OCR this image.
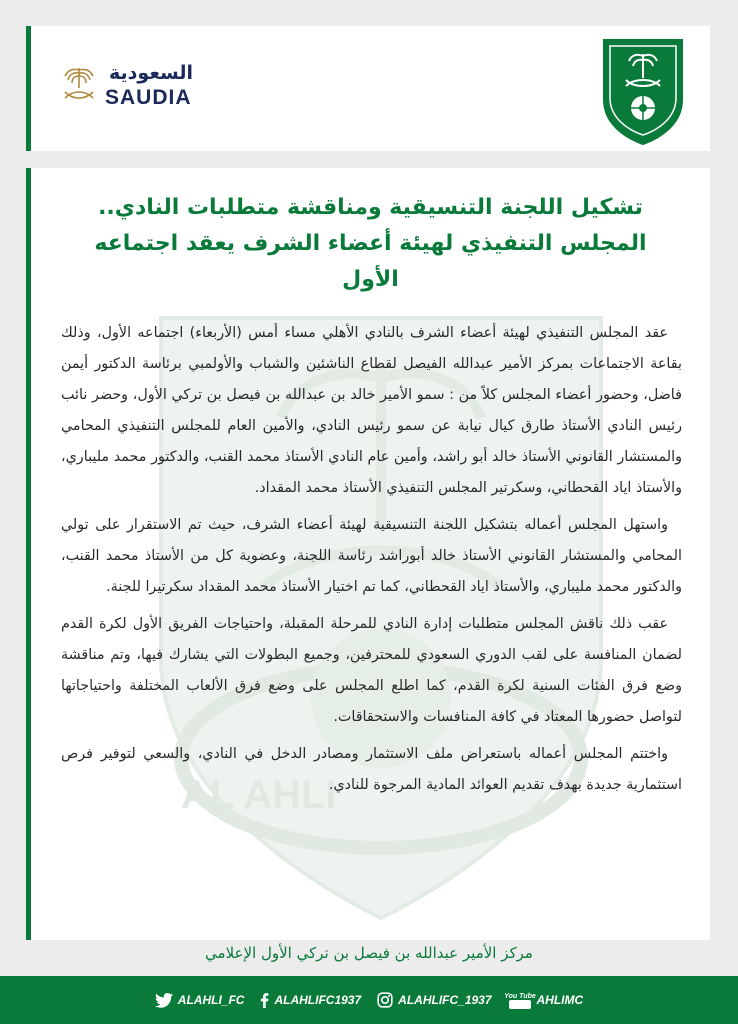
السعودية
SAUDIA
AL AHLI
تشكيل اللجنة التنسيقية ومناقشة متطلبات النادي..
المجلس التنفيذي لهيئة أعضاء الشرف يعقد اجتماعه الأول

عقد المجلس التنفيذي لهيئة أعضاء الشرف بالنادي الأهلي مساء أمس (الأربعاء) اجتماعه الأول، وذلك بقاعة الاجتماعات بمركز الأمير عبدالله الفيصل لقطاع الناشئين والشباب والأولمبي برئاسة الدكتور أيمن فاضل، وحضور أعضاء المجلس كلاً من : سمو الأمير خالد بن عبدالله بن فيصل بن تركي الأول، وحضر نائب رئيس النادي الأستاذ طارق كيال نيابة عن سمو رئيس النادي، والأمين العام للمجلس التنفيذي المحامي والمستشار القانوني الأستاذ خالد أبو راشد، وأمين عام النادي الأستاذ محمد القنب، والدكتور محمد مليباري، والأستاذ اياد القحطاني، وسكرتير المجلس التنفيذي الأستاذ محمد المقداد.

واستهل المجلس أعماله بتشكيل اللجنة التنسيقية لهيئة أعضاء الشرف، حيث تم الاستقرار على تولي المحامي والمستشار القانوني الأستاذ خالد أبوراشد رئاسة اللجنة، وعضوية كل من الأستاذ محمد القنب، والدكتور محمد مليباري، والأستاذ اياد القحطاني، كما تم اختيار الأستاذ محمد المقداد سكرتيرا للجنة.

عقب ذلك ناقش المجلس متطلبات إدارة النادي للمرحلة المقبلة، واحتياجات الفريق الأول لكرة القدم لضمان المنافسة على لقب الدوري السعودي للمحترفين، وجميع البطولات التي يشارك فيها، وتم مناقشة وضع فرق الفئات السنية لكرة القدم، كما اطلع المجلس على وضع فرق الألعاب المختلفة واحتياجاتها لتواصل حضورها المعتاد في كافة المنافسات والاستحقاقات.

واختتم المجلس أعماله باستعراض ملف الاستثمار ومصادر الدخل في النادي، والسعي لتوفير فرص استثمارية جديدة بهدف تقديم العوائد المادية المرجوة للنادي.

مركز الأمير عبدالله بن فيصل بن تركي الأول الإعلامي
ALAHLI_FC	ALAHLIFC1937	ALAHLIFC_1937 You Tube AHLIMC
